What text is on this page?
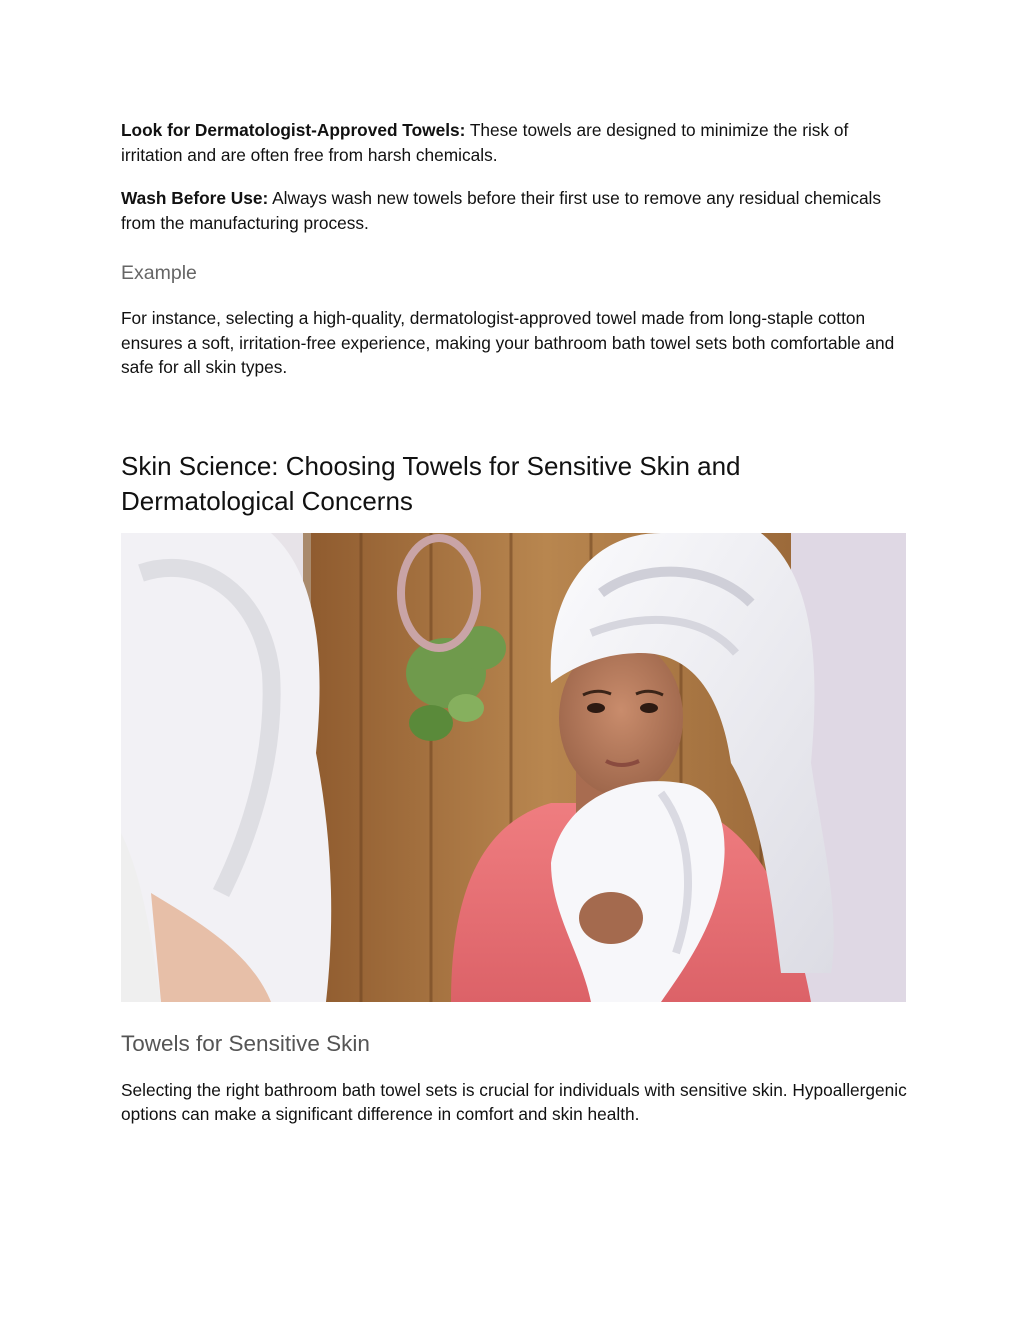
Look for Dermatologist-Approved Towels: These towels are designed to minimize the risk of irritation and are often free from harsh chemicals.

Wash Before Use: Always wash new towels before their first use to remove any residual chemicals from the manufacturing process.

Example

For instance, selecting a high-quality, dermatologist-approved towel made from long-staple cotton ensures a soft, irritation-free experience, making your bathroom bath towel sets both comfortable and safe for all skin types.

Skin Science: Choosing Towels for Sensitive Skin and Dermatological Concerns
Towels for Sensitive Skin

Selecting the right bathroom bath towel sets is crucial for individuals with sensitive skin. Hypoallergenic options can make a significant difference in comfort and skin health.
